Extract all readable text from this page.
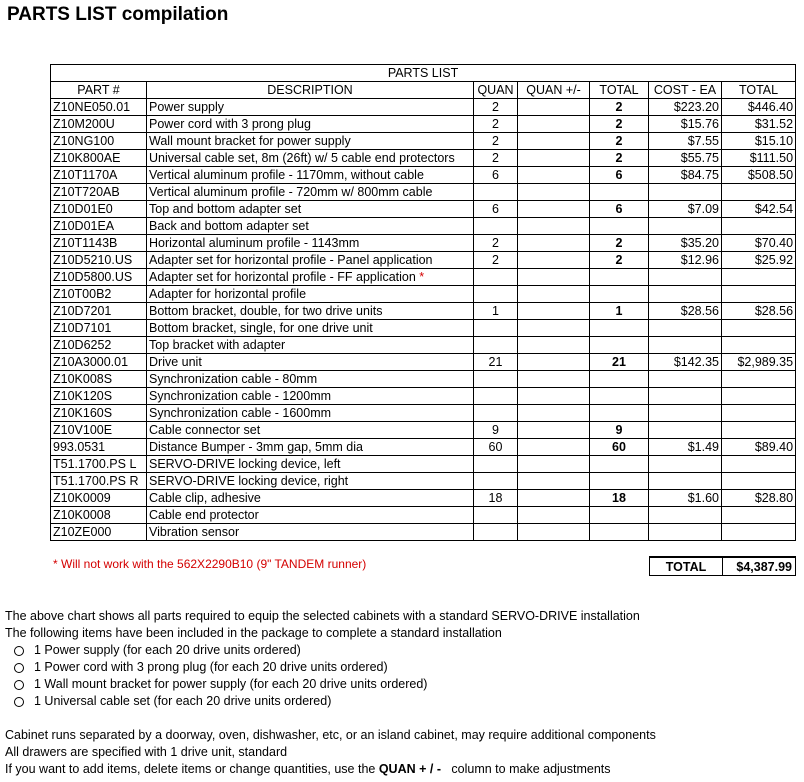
PARTS LIST compilation
PARTS LIST						
PART #	DESCRIPTION	QUAN	QUAN +/-	TOTAL	COST - EA	TOTAL
Z10NE050.01	Power supply	2		2	$223.20	$446.40
Z10M200U	Power cord with 3 prong plug	2		2	$15.76	$31.52
Z10NG100	Wall mount bracket for power supply	2		2	$7.55	$15.10
Z10K800AE	Universal cable set, 8m (26ft) w/ 5 cable end protectors	2		2	$55.75	$111.50
Z10T1170A	Vertical aluminum profile - 1170mm, without cable	6		6	$84.75	$508.50
Z10T720AB	Vertical aluminum profile - 720mm w/ 800mm cable					
Z10D01E0	Top and bottom adapter set	6		6	$7.09	$42.54
Z10D01EA	Back and bottom adapter set					
Z10T1143B	Horizontal aluminum profile - 1143mm	2		2	$35.20	$70.40
Z10D5210.US	Adapter set for horizontal profile - Panel application	2		2	$12.96	$25.92
Z10D5800.US	Adapter set for horizontal profile - FF application *					
Z10T00B2	Adapter for horizontal profile					
Z10D7201	Bottom bracket, double, for two drive units	1		1	$28.56	$28.56
Z10D7101	Bottom bracket, single, for one drive unit					
Z10D6252	Top bracket with adapter					
Z10A3000.01	Drive unit	21		21	$142.35	$2,989.35
Z10K008S	Synchronization cable - 80mm					
Z10K120S	Synchronization cable - 1200mm					
Z10K160S	Synchronization cable - 1600mm					
Z10V100E	Cable connector set	9		9		
993.0531	Distance Bumper - 3mm gap, 5mm dia	60		60	$1.49	$89.40
T51.1700.PS L	SERVO-DRIVE locking device, left					
T51.1700.PS R	SERVO-DRIVE locking device, right					
Z10K0009	Cable clip, adhesive	18		18	$1.60	$28.80
Z10K0008	Cable end protector					
Z10ZE000	Vibration sensor					
* Will not work with the 562X2290B10 (9" TANDEM runner)	TOTAL	$4,387.99

The above chart shows all parts required to equip the selected cabinets with a standard SERVO-DRIVE installation

The following items have been included in the package to complete a standard installation

1 Power supply (for each 20 drive units ordered)
1 Power cord with 3 prong plug (for each 20 drive units ordered)
1 Wall mount bracket for power supply (for each 20 drive units ordered)
1 Universal cable set (for each 20 drive units ordered)

Cabinet runs separated by a doorway, oven, dishwasher, etc, or an island cabinet, may require additional components

All drawers are specified with 1 drive unit, standard

If you want to add items, delete items or change quantities, use the QUAN + / -   column to make adjustments
